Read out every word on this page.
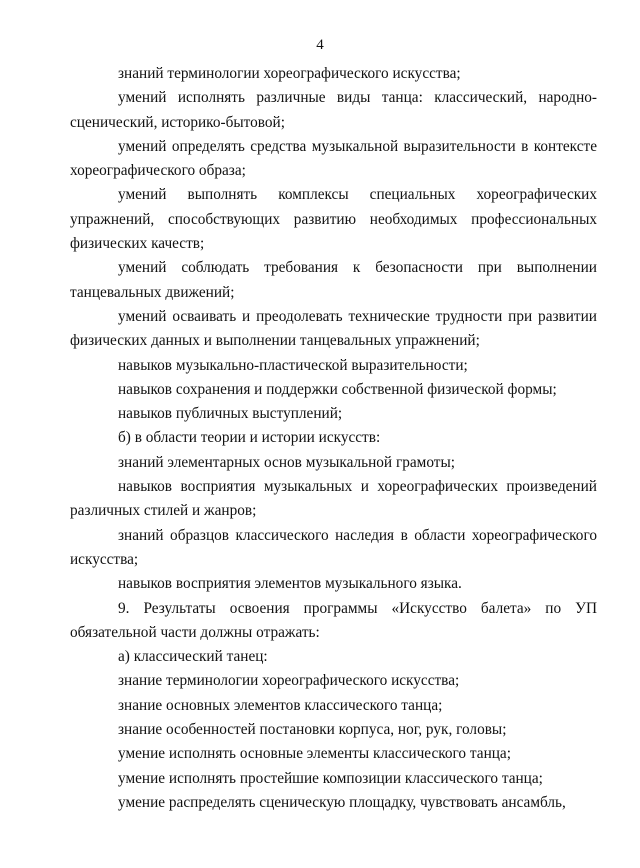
4

знаний терминологии хореографического искусства;

умений исполнять различные виды танца: классический, народно-сценический, историко-бытовой;

умений определять средства музыкальной выразительности в контексте хореографического образа;

умений выполнять комплексы специальных хореографических упражнений, способствующих развитию необходимых профессиональных физических качеств;

умений соблюдать требования к безопасности при выполнении танцевальных движений;

умений осваивать и преодолевать технические трудности при развитии физических данных и выполнении танцевальных упражнений;

навыков музыкально-пластической выразительности;

навыков сохранения и поддержки собственной физической формы;

навыков публичных выступлений;

б) в области теории и истории искусств:

знаний элементарных основ музыкальной грамоты;

навыков восприятия музыкальных и хореографических произведений различных стилей и жанров;

знаний образцов классического наследия в области хореографического искусства;

навыков восприятия элементов музыкального языка.

9. Результаты освоения программы «Искусство балета» по УП обязательной части должны отражать:

а) классический танец:

знание терминологии хореографического искусства;

знание основных элементов классического танца;

знание особенностей постановки корпуса, ног, рук, головы;

умение исполнять основные элементы классического танца;

умение исполнять простейшие композиции классического танца;

умение распределять сценическую площадку, чувствовать ансамбль,
